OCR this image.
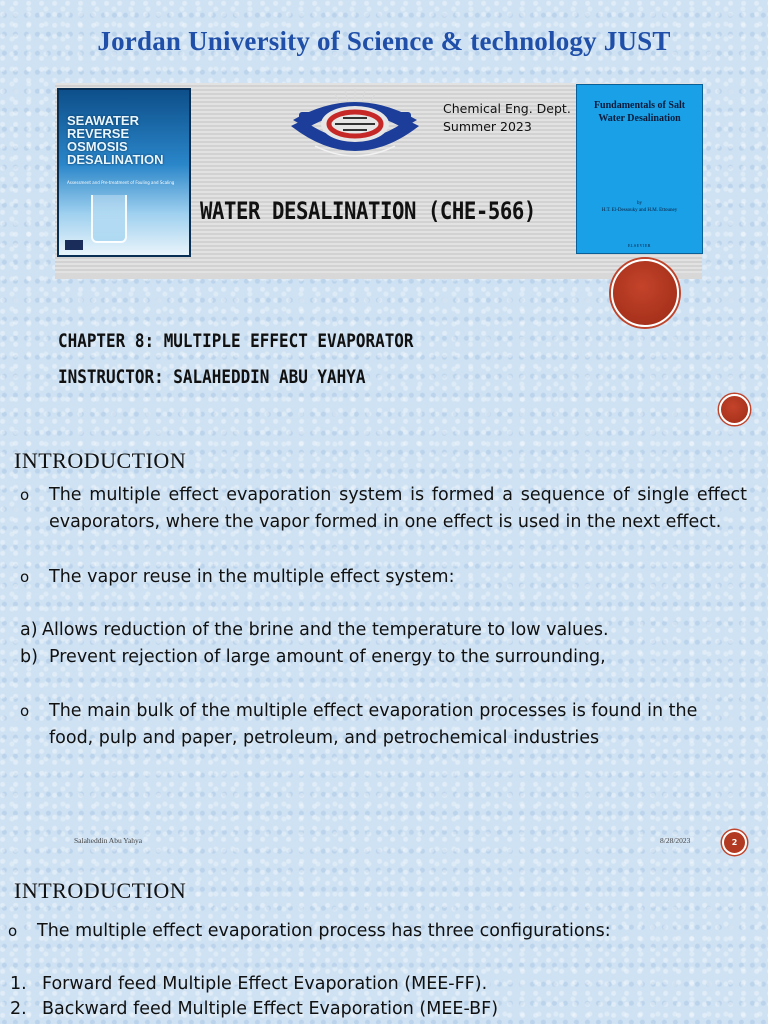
Jordan University of Science & technology JUST
SEAWATER REVERSE OSMOSIS DESALINATION
Assessment and Pre-treatment of Fouling and Scaling
Chemical Eng. Dept.
Summer 2023
WATER DESALINATION (CHE-566)
Fundamentals of Salt Water Desalination
by
H.T. El-Dessouky and H.M. Ettouney
ELSEVIER
CHAPTER 8: MULTIPLE EFFECT EVAPORATOR
INSTRUCTOR: SALAHEDDIN ABU YAHYA
INTRODUCTION
o The multiple effect evaporation system is formed a sequence of single effect evaporators, where the vapor formed in one effect is used in the next effect.
o The vapor reuse in the multiple effect system:
a) Allows reduction of the brine and the temperature to low values.
b) Prevent rejection of large amount of energy to the surrounding,
o The main bulk of the multiple effect evaporation processes is found in the food, pulp and paper, petroleum, and petrochemical industries
Salaheddin Abu Yahya	8/28/2023	2
INTRODUCTION
o The multiple effect evaporation process has three configurations:
1. Forward feed Multiple Effect Evaporation (MEE-FF).
2. Backward feed Multiple Effect Evaporation (MEE-BF)
